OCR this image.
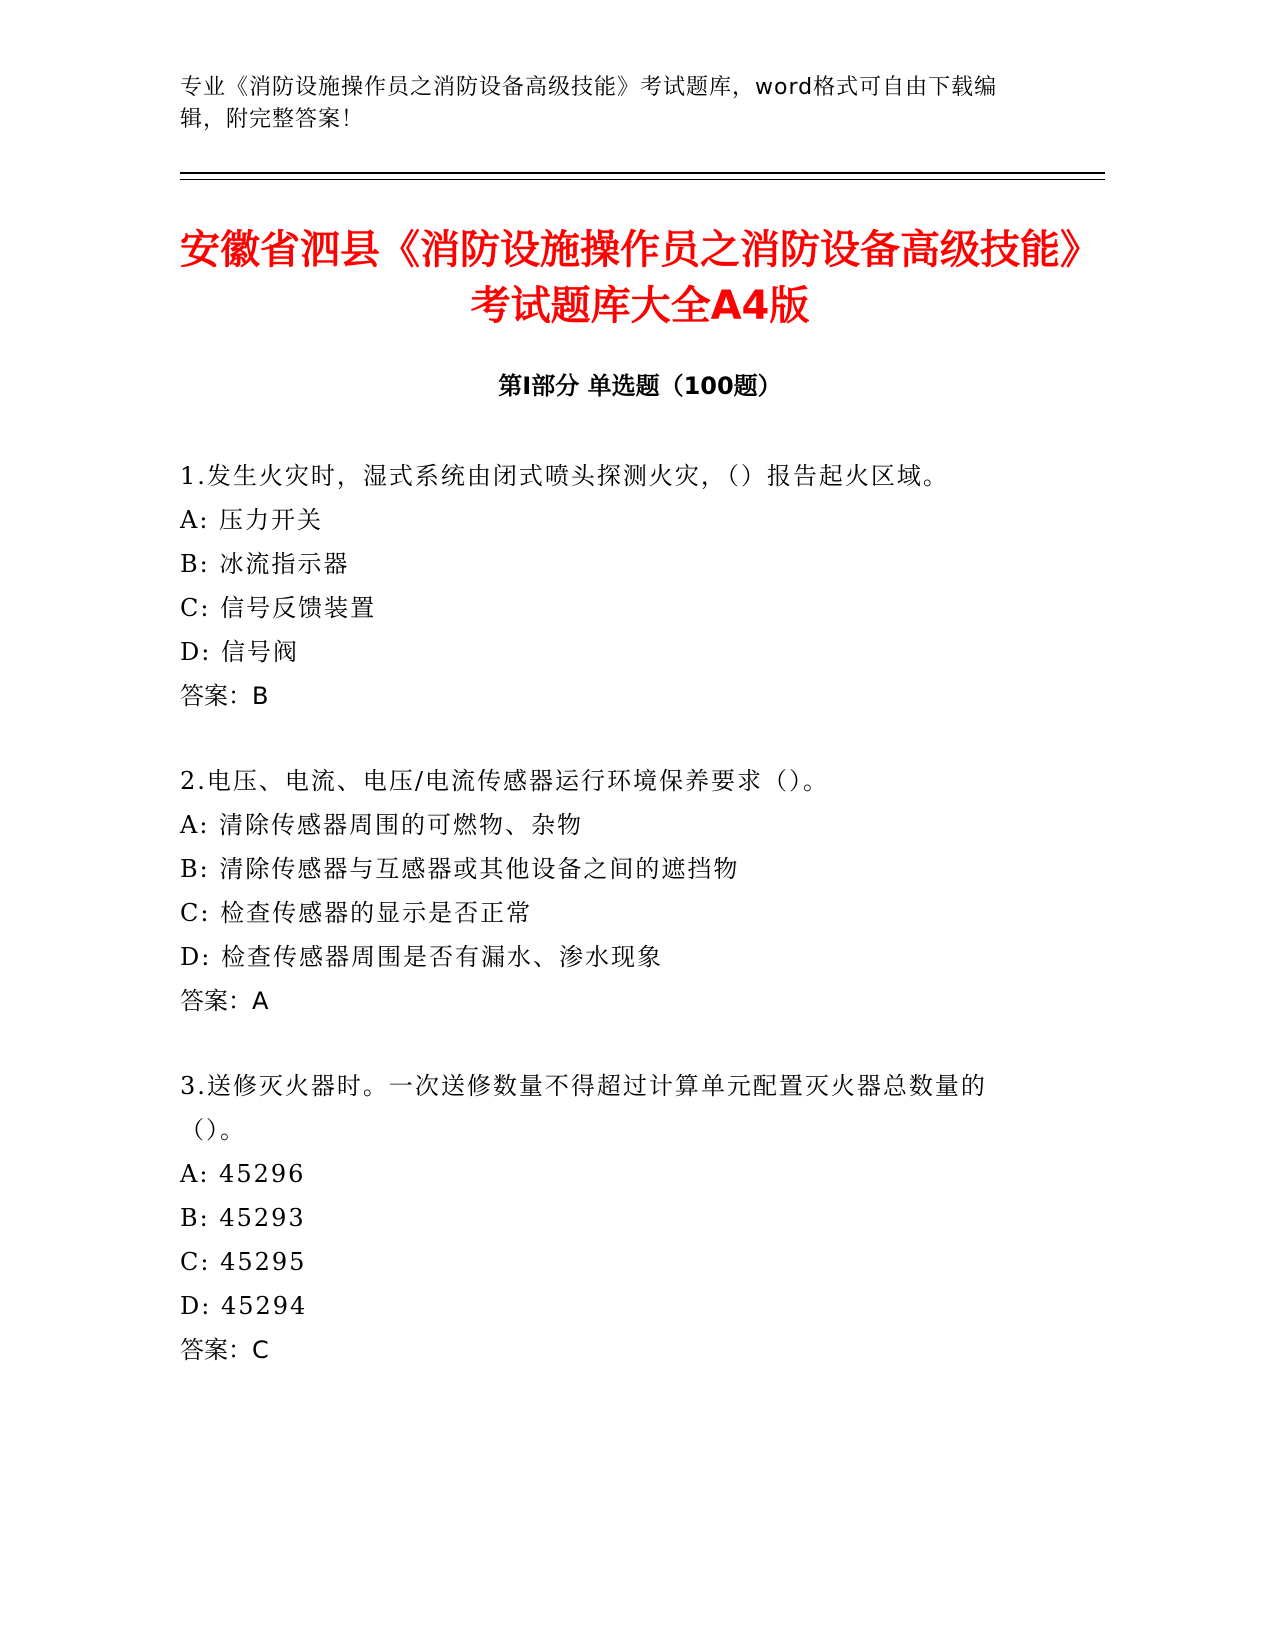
专业《消防设施操作员之消防设备高级技能》考试题库，word格式可自由下载编辑，附完整答案！
安徽省泗县《消防设施操作员之消防设备高级技能》考试题库大全A4版
第I部分 单选题（100题）
1.发生火灾时，湿式系统由闭式喷头探测火灾，（）报告起火区域。
A: 压力开关
B: 冰流指示器
C: 信号反馈装置
D: 信号阀
答案：B
2.电压、电流、电压/电流传感器运行环境保养要求（）。
A: 清除传感器周围的可燃物、杂物
B: 清除传感器与互感器或其他设备之间的遮挡物
C: 检查传感器的显示是否正常
D: 检查传感器周围是否有漏水、渗水现象
答案：A
3.送修灭火器时。一次送修数量不得超过计算单元配置灭火器总数量的（）。
A: 45296
B: 45293
C: 45295
D: 45294
答案：C
